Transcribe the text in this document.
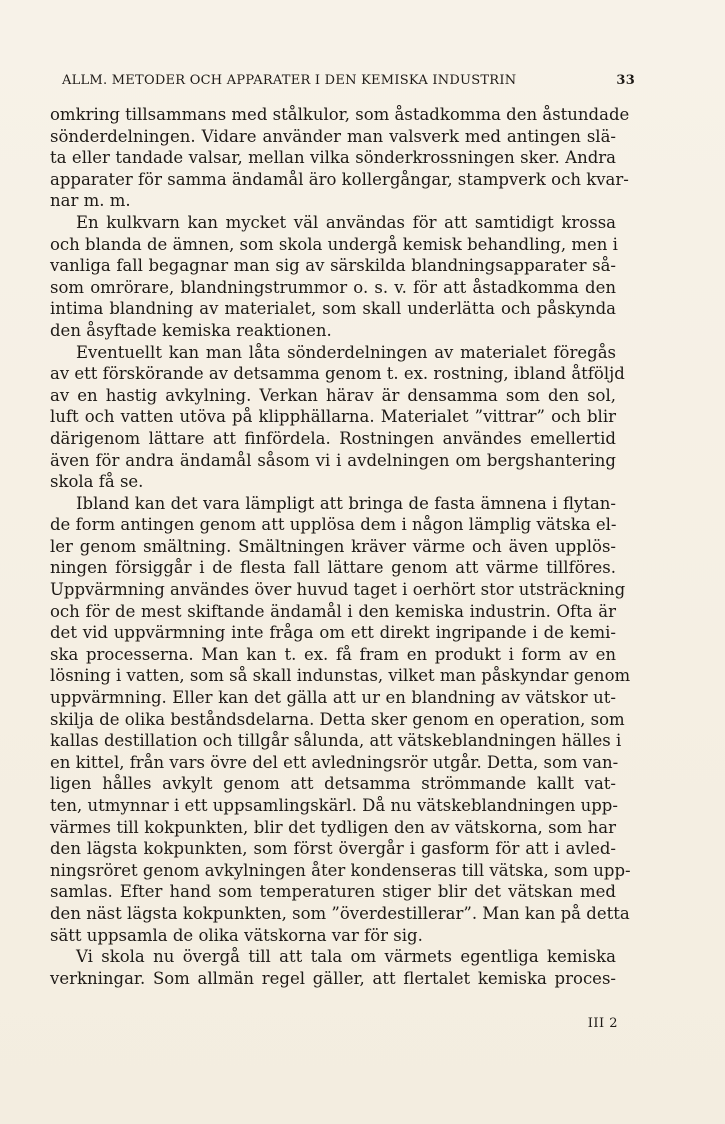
ALLM. METODER OCH APPARATER I DEN KEMISKA INDUSTRIN	33
omkring tillsammans med stålkulor, som åstadkomma den åstundade
sönderdelningen. Vidare använder man valsverk med antingen slä-
ta eller tandade valsar, mellan vilka sönderkrossningen sker. Andra
apparater för samma ändamål äro kollergångar, stampverk och kvar-
nar m. m.
En kulkvarn kan mycket väl användas för att samtidigt krossa
och blanda de ämnen, som skola undergå kemisk behandling, men i
vanliga fall begagnar man sig av särskilda blandningsapparater så-
som omrörare, blandningstrummor o. s. v. för att åstadkomma den
intima blandning av materialet, som skall underlätta och påskynda
den åsyftade kemiska reaktionen.
Eventuellt kan man låta sönderdelningen av materialet föregås
av ett förskörande av detsamma genom t. ex. rostning, ibland åtföljd
av en hastig avkylning. Verkan härav är densamma som den sol,
luft och vatten utöva på klipphällarna. Materialet ”vittrar” och blir
därigenom lättare att finfördela. Rostningen användes emellertid
även för andra ändamål såsom vi i avdelningen om bergshantering
skola få se.
Ibland kan det vara lämpligt att bringa de fasta ämnena i flytan-
de form antingen genom att upplösa dem i någon lämplig vätska el-
ler genom smältning. Smältningen kräver värme och även upplös-
ningen försiggår i de flesta fall lättare genom att värme tillföres.
Uppvärmning användes över huvud taget i oerhört stor utsträckning
och för de mest skiftande ändamål i den kemiska industrin. Ofta är
det vid uppvärmning inte fråga om ett direkt ingripande i de kemi-
ska processerna. Man kan t. ex. få fram en produkt i form av en
lösning i vatten, som så skall indunstas, vilket man påskyndar genom
uppvärmning. Eller kan det gälla att ur en blandning av vätskor ut-
skilja de olika beståndsdelarna. Detta sker genom en operation, som
kallas destillation och tillgår sålunda, att vätskeblandningen hälles i
en kittel, från vars övre del ett avledningsrör utgår. Detta, som van-
ligen hålles avkylt genom att detsamma strömmande kallt vat-
ten, utmynnar i ett uppsamlingskärl. Då nu vätskeblandningen upp-
värmes till kokpunkten, blir det tydligen den av vätskorna, som har
den lägsta kokpunkten, som först övergår i gasform för att i avled-
ningsröret genom avkylningen åter kondenseras till vätska, som upp-
samlas. Efter hand som temperaturen stiger blir det vätskan med
den näst lägsta kokpunkten, som ”överdestillerar”. Man kan på detta
sätt uppsamla de olika vätskorna var för sig.
Vi skola nu övergå till att tala om värmets egentliga kemiska
verkningar. Som allmän regel gäller, att flertalet kemiska proces-
III 2
